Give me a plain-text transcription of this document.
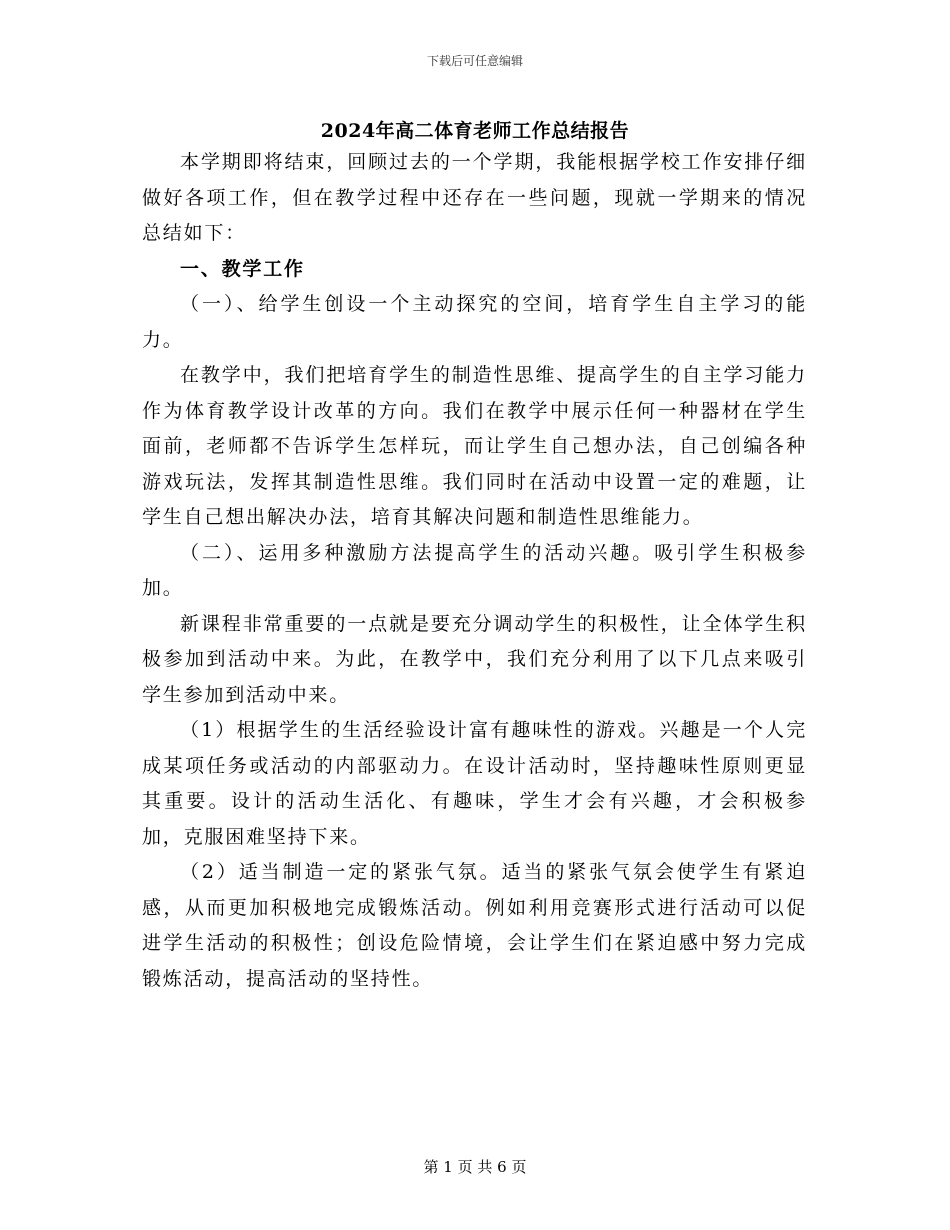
下载后可任意编辑
2024年高二体育老师工作总结报告

本学期即将结束，回顾过去的一个学期，我能根据学校工作安排仔细做好各项工作，但在教学过程中还存在一些问题，现就一学期来的情况总结如下：

一、教学工作

（一）、给学生创设一个主动探究的空间，培育学生自主学习的能力。

在教学中，我们把培育学生的制造性思维、提高学生的自主学习能力作为体育教学设计改革的方向。我们在教学中展示任何一种器材在学生面前，老师都不告诉学生怎样玩，而让学生自己想办法，自己创编各种游戏玩法，发挥其制造性思维。我们同时在活动中设置一定的难题，让学生自己想出解决办法，培育其解决问题和制造性思维能力。

（二）、运用多种激励方法提高学生的活动兴趣。吸引学生积极参加。

新课程非常重要的一点就是要充分调动学生的积极性，让全体学生积极参加到活动中来。为此，在教学中，我们充分利用了以下几点来吸引学生参加到活动中来。

（1）根据学生的生活经验设计富有趣味性的游戏。兴趣是一个人完成某项任务或活动的内部驱动力。在设计活动时，坚持趣味性原则更显其重要。设计的活动生活化、有趣味，学生才会有兴趣，才会积极参加，克服困难坚持下来。

（2）适当制造一定的紧张气氛。适当的紧张气氛会使学生有紧迫感，从而更加积极地完成锻炼活动。例如利用竞赛形式进行活动可以促进学生活动的积极性；创设危险情境，会让学生们在紧迫感中努力完成锻炼活动，提高活动的坚持性。

第 1 页 共 6 页
